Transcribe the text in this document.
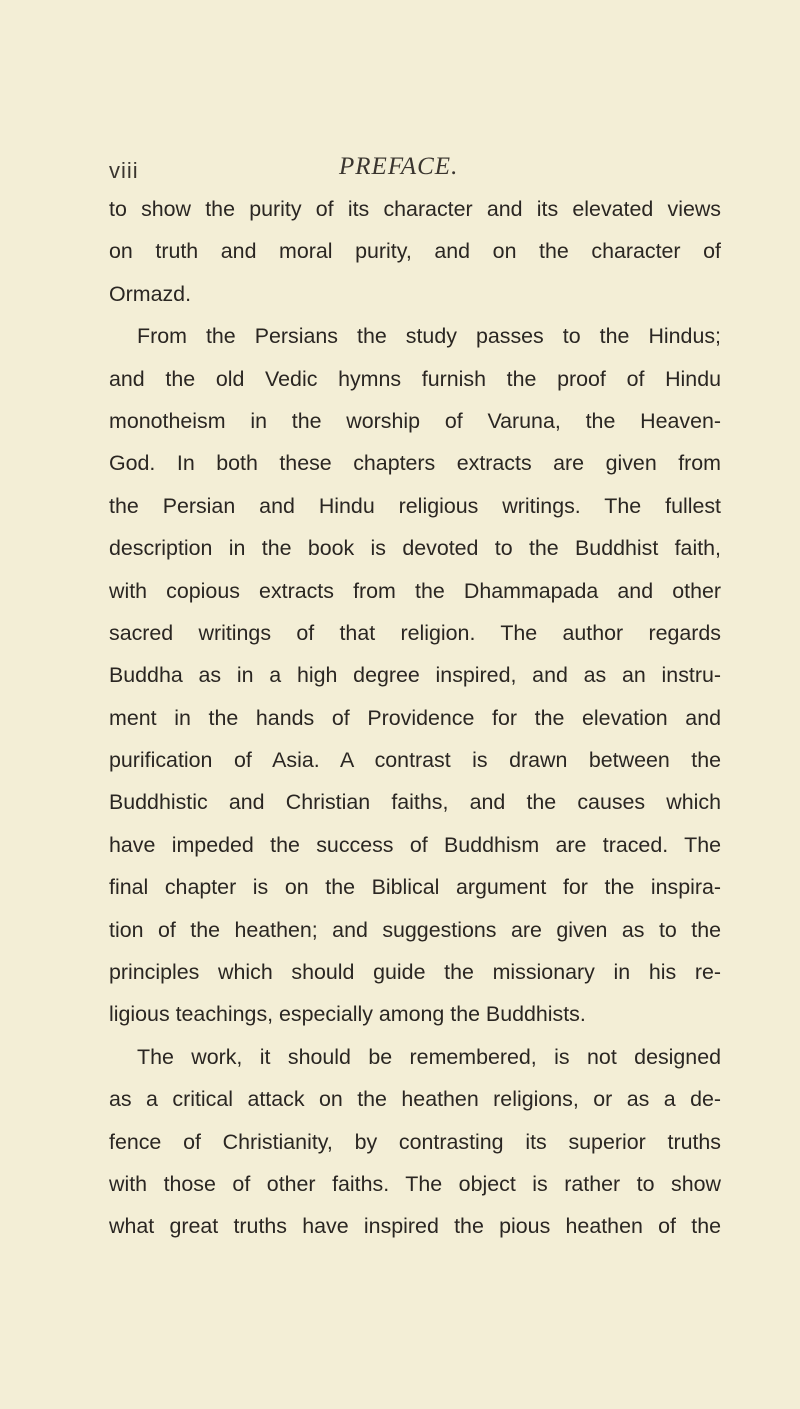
viii	PREFACE.
to show the purity of its character and its elevated views
on truth and moral purity, and on the character of
Ormazd.
From the Persians the study passes to the Hindus;
and the old Vedic hymns furnish the proof of Hindu
monotheism in the worship of Varuna, the Heaven-
God. In both these chapters extracts are given from
the Persian and Hindu religious writings. The fullest
description in the book is devoted to the Buddhist faith,
with copious extracts from the Dhammapada and other
sacred writings of that religion. The author regards
Buddha as in a high degree inspired, and as an instru-
ment in the hands of Providence for the elevation and
purification of Asia. A contrast is drawn between the
Buddhistic and Christian faiths, and the causes which
have impeded the success of Buddhism are traced. The
final chapter is on the Biblical argument for the inspira-
tion of the heathen; and suggestions are given as to the
principles which should guide the missionary in his re-
ligious teachings, especially among the Buddhists.
The work, it should be remembered, is not designed
as a critical attack on the heathen religions, or as a de-
fence of Christianity, by contrasting its superior truths
with those of other faiths. The object is rather to show
what great truths have inspired the pious heathen of the
